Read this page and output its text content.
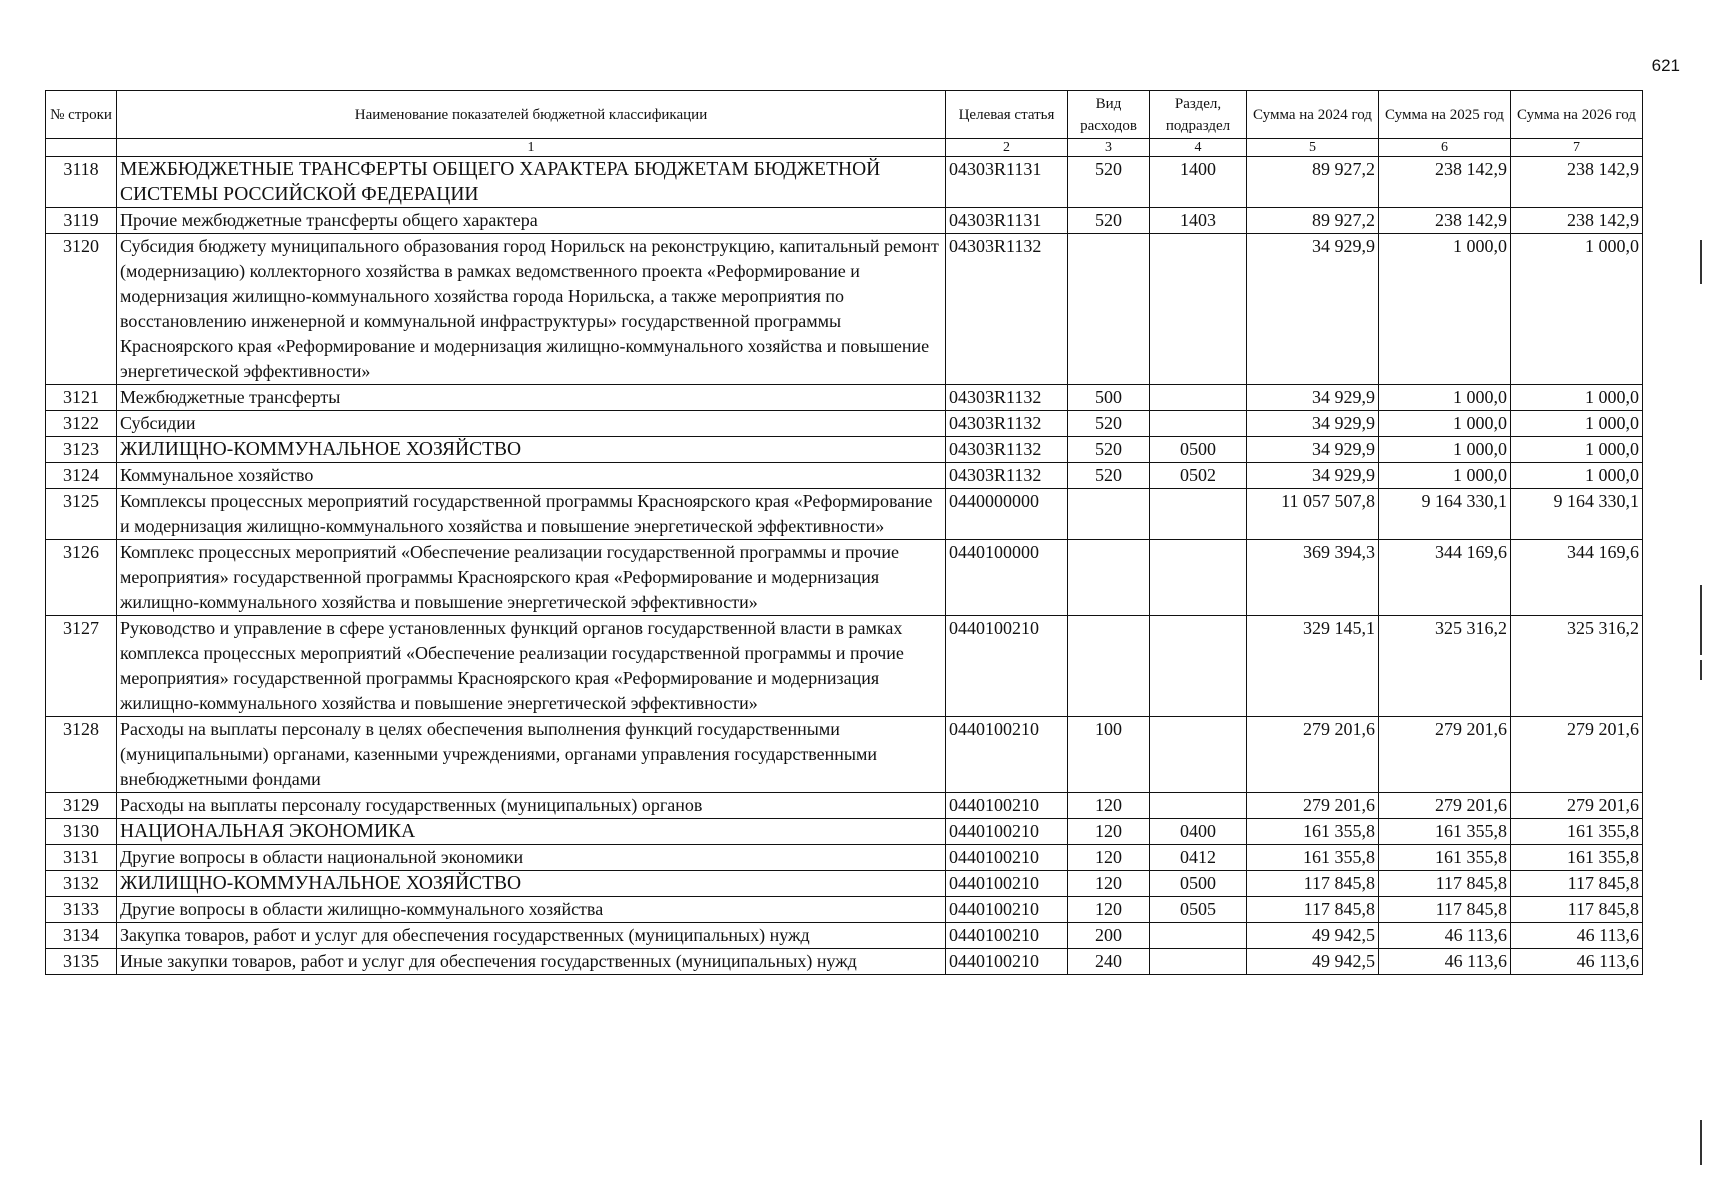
621
№ строки	Наименование показателей бюджетной классификации	Целевая статья	Вид расходов	Раздел, подраздел	Сумма на 2024 год	Сумма на 2025 год	Сумма на 2026 год
	1	2	3	4	5	6	7
3118	МЕЖБЮДЖЕТНЫЕ ТРАНСФЕРТЫ ОБЩЕГО ХАРАКТЕРА БЮДЖЕТАМ БЮДЖЕТНОЙ СИСТЕМЫ РОССИЙСКОЙ ФЕДЕРАЦИИ	04303R1131	520	1400	89 927,2	238 142,9	238 142,9
3119	Прочие межбюджетные трансферты общего характера	04303R1131	520	1403	89 927,2	238 142,9	238 142,9
3120	Субсидия бюджету муниципального образования город Норильск на реконструкцию, капитальный ремонт (модернизацию) коллекторного хозяйства в рамках ведомственного проекта «Реформирование и модернизация жилищно-коммунального хозяйства города Норильска, а также мероприятия по восстановлению инженерной и коммунальной инфраструктуры» государственной программы Красноярского края «Реформирование и модернизация жилищно-коммунального хозяйства и повышение энергетической эффективности»	04303R1132			34 929,9	1 000,0	1 000,0
3121	Межбюджетные трансферты	04303R1132	500		34 929,9	1 000,0	1 000,0
3122	Субсидии	04303R1132	520		34 929,9	1 000,0	1 000,0
3123	ЖИЛИЩНО-КОММУНАЛЬНОЕ ХОЗЯЙСТВО	04303R1132	520	0500	34 929,9	1 000,0	1 000,0
3124	Коммунальное хозяйство	04303R1132	520	0502	34 929,9	1 000,0	1 000,0
3125	Комплексы процессных мероприятий государственной программы Красноярского края «Реформирование и модернизация жилищно-коммунального хозяйства и повышение энергетической эффективности»	0440000000			11 057 507,8	9 164 330,1	9 164 330,1
3126	Комплекс процессных мероприятий «Обеспечение реализации государственной программы и прочие мероприятия» государственной программы Красноярского края «Реформирование и модернизация жилищно-коммунального хозяйства и повышение энергетической эффективности»	0440100000			369 394,3	344 169,6	344 169,6
3127	Руководство и управление в сфере установленных функций органов государственной власти в рамках комплекса процессных мероприятий «Обеспечение реализации государственной программы и прочие мероприятия» государственной программы Красноярского края «Реформирование и модернизация жилищно-коммунального хозяйства и повышение энергетической эффективности»	0440100210			329 145,1	325 316,2	325 316,2
3128	Расходы на выплаты персоналу в целях обеспечения выполнения функций государственными (муниципальными) органами, казенными учреждениями, органами управления государственными внебюджетными фондами	0440100210	100		279 201,6	279 201,6	279 201,6
3129	Расходы на выплаты персоналу государственных (муниципальных) органов	0440100210	120		279 201,6	279 201,6	279 201,6
3130	НАЦИОНАЛЬНАЯ ЭКОНОМИКА	0440100210	120	0400	161 355,8	161 355,8	161 355,8
3131	Другие вопросы в области национальной экономики	0440100210	120	0412	161 355,8	161 355,8	161 355,8
3132	ЖИЛИЩНО-КОММУНАЛЬНОЕ ХОЗЯЙСТВО	0440100210	120	0500	117 845,8	117 845,8	117 845,8
3133	Другие вопросы в области жилищно-коммунального хозяйства	0440100210	120	0505	117 845,8	117 845,8	117 845,8
3134	Закупка товаров, работ и услуг для обеспечения государственных (муниципальных) нужд	0440100210	200		49 942,5	46 113,6	46 113,6
3135	Иные закупки товаров, работ и услуг для обеспечения государственных (муниципальных) нужд	0440100210	240		49 942,5	46 113,6	46 113,6
